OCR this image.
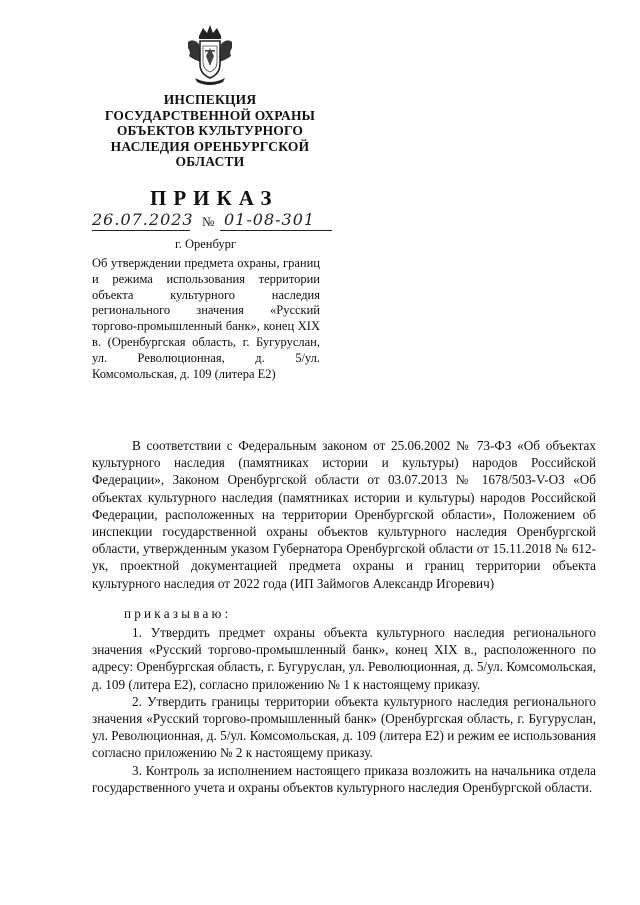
ИНСПЕКЦИЯ
ГОСУДАРСТВЕННОЙ ОХРАНЫ
ОБЪЕКТОВ КУЛЬТУРНОГО
НАСЛЕДИЯ ОРЕНБУРГСКОЙ
ОБЛАСТИ
ПРИКАЗ
26.07.2023 № 01-08-301
г. Оренбург
Об утверждении предмета охраны, границ и режима использования территории объекта культурного наследия регионального значения «Русский торгово-промышленный банк», конец XIX в. (Оренбургская область, г. Бугуруслан, ул. Революционная, д. 5/ул. Комсомольская, д. 109 (литера Е2)

В соответствии с Федеральным законом от 25.06.2002 № 73-ФЗ «Об объектах культурного наследия (памятниках истории и культуры) народов Российской Федерации», Законом Оренбургской области от 03.07.2013 № 1678/503-V-ОЗ «Об объектах культурного наследия (памятниках истории и культуры) народов Российской Федерации, расположенных на территории Оренбургской области», Положением об инспекции государственной охраны объектов культурного наследия Оренбургской области, утвержденным указом Губернатора Оренбургской области от 15.11.2018 № 612-ук, проектной документацией предмета охраны и границ территории объекта культурного наследия от 2022 года (ИП Займогов Александр Игоревич)

приказываю:

1. Утвердить предмет охраны объекта культурного наследия регионального значения «Русский торгово-промышленный банк», конец XIX в., расположенного по адресу: Оренбургская область, г. Бугуруслан, ул. Революционная, д. 5/ул. Комсомольская, д. 109 (литера Е2), согласно приложению № 1 к настоящему приказу.

2. Утвердить границы территории объекта культурного наследия регионального значения «Русский торгово-промышленный банк» (Оренбургская область, г. Бугуруслан, ул. Революционная, д. 5/ул. Комсомольская, д. 109 (литера Е2) и режим ее использования согласно приложению № 2 к настоящему приказу.

3. Контроль за исполнением настоящего приказа возложить на начальника отдела государственного учета и охраны объектов культурного наследия Оренбургской области.
